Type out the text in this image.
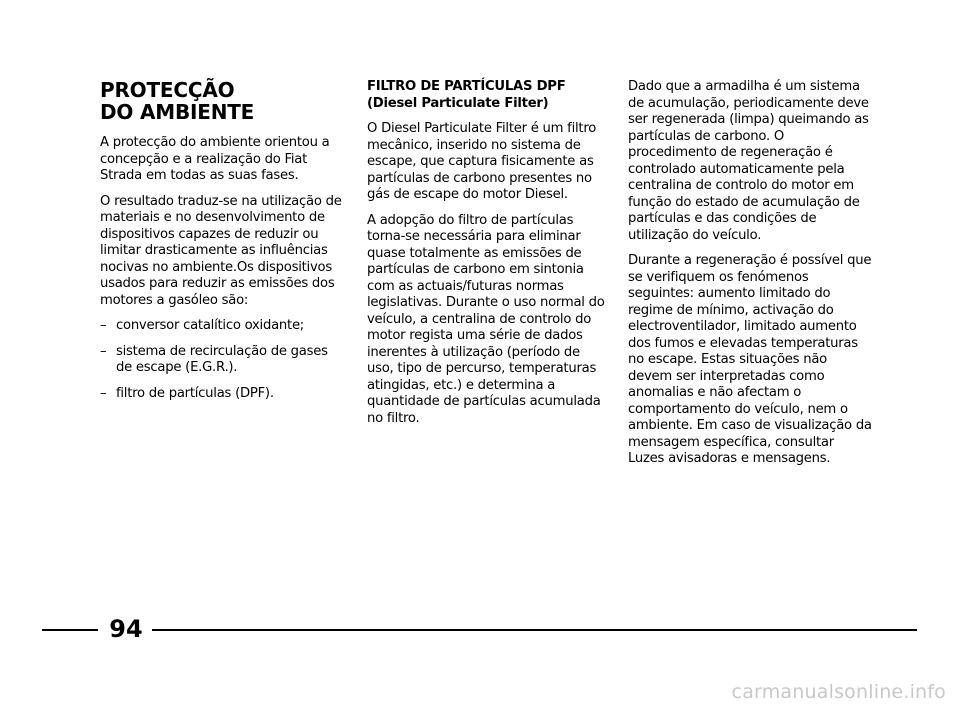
PROTECÇÃO
DO AMBIENTE

A protecção do ambiente orientou a concepção e a realização do Fiat Strada em todas as suas fases.

O resultado traduz-se na utilização de materiais e no desenvolvimento de dispositivos capazes de reduzir ou limitar drasticamente as influências nocivas no ambiente.Os dispositivos usados para reduzir as emissões dos motores a gasóleo são:

– conversor catalítico oxidante;
– sistema de recirculação de gases de escape (E.G.R.).
– filtro de partículas (DPF).
FILTRO DE PARTÍCULAS DPF
(Diesel Particulate Filter)

O Diesel Particulate Filter é um filtro mecânico, inserido no sistema de escape, que captura fisicamente as partículas de carbono presentes no gás de escape do motor Diesel.

A adopção do filtro de partículas torna-se necessária para eliminar quase totalmente as emissões de partículas de carbono em sintonia com as actuais/futuras normas legislativas. Durante o uso normal do veículo, a centralina de controlo do motor regista uma série de dados inerentes à utilização (período de uso, tipo de percurso, temperaturas atingidas, etc.) e determina a quantidade de partículas acumulada no filtro.

Dado que a armadilha é um sistema de acumulação, periodicamente deve ser regenerada (limpa) queimando as partículas de carbono. O procedimento de regeneração é controlado automaticamente pela centralina de controlo do motor em função do estado de acumulação de partículas e das condições de utilização do veículo.

Durante a regeneração é possível que se verifiquem os fenómenos seguintes: aumento limitado do regime de mínimo, activação do electroventilador, limitado aumento dos fumos e elevadas temperaturas no escape. Estas situações não devem ser interpretadas como anomalias e não afectam o comportamento do veículo, nem o ambiente. Em caso de visualização da mensagem específica, consultar Luzes avisadoras e mensagens.

94
carmanualsonline.info
